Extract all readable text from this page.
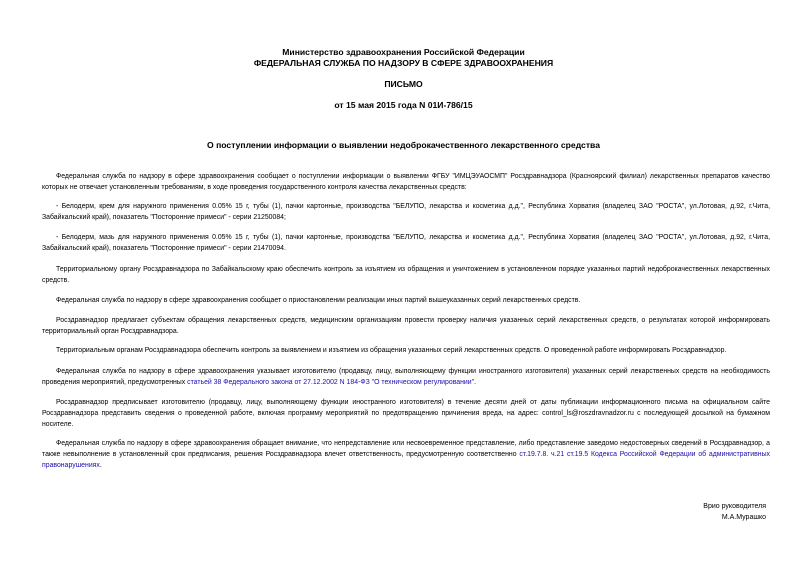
Министерство здравоохранения Российской Федерации
ФЕДЕРАЛЬНАЯ СЛУЖБА ПО НАДЗОРУ В СФЕРЕ ЗДРАВООХРАНЕНИЯ
ПИСЬМО
от 15 мая 2015 года N 01И-786/15
О поступлении информации о выявлении недоброкачественного лекарственного средства
Федеральная служба по надзору в сфере здравоохранения сообщает о поступлении информации о выявлении ФГБУ "ИМЦЭУАОСМП" Росздравнадзора (Красноярский филиал) лекарственных препаратов качество которых не отвечает установленным требованиям, в ходе проведения государственного контроля качества лекарственных средств:
- Белодерм, крем для наружного применения 0.05% 15 г, тубы (1), пачки картонные, производства "БЕЛУПО, лекарства и косметика д.д.", Республика Хорватия (владелец ЗАО "РОСТА", ул.Лотовая, д.92, г.Чита, Забайкальский край), показатель "Посторонние примеси" - серии 21250084;
- Белодерм, мазь для наружного применения 0.05% 15 г, тубы (1), пачки картонные, производства "БЕЛУПО, лекарства и косметика д.д.", Республика Хорватия (владелец ЗАО "РОСТА", ул.Лотовая, д.92, г.Чита, Забайкальский край), показатель "Посторонние примеси" - серии 21470094.
Территориальному органу Росздравнадзора по Забайкальскому краю обеспечить контроль за изъятием из обращения и уничтожением в установленном порядке указанных партий недоброкачественных лекарственных средств.
Федеральная служба по надзору в сфере здравоохранения сообщает о приостановлении реализации иных партий вышеуказанных серий лекарственных средств.
Росздравнадзор предлагает субъектам обращения лекарственных средств, медицинским организациям провести проверку наличия указанных серий лекарственных средств, о результатах которой информировать территориальный орган Росздравнадзора.
Территориальным органам Росздравнадзора обеспечить контроль за выявлением и изъятием из обращения указанных серий лекарственных средств. О проведенной работе информировать Росздравнадзор.
Федеральная служба по надзору в сфере здравоохранения указывает изготовителю (продавцу, лицу, выполняющему функции иностранного изготовителя) указанных серий лекарственных средств на необходимость проведения мероприятий, предусмотренных статьей 38 Федерального закона от 27.12.2002 N 184-ФЗ "О техническом регулировании".
Росздравнадзор предписывает изготовителю (продавцу, лицу, выполняющему функции иностранного изготовителя) в течение десяти дней от даты публикации информационного письма на официальном сайте Росздравнадзора представить сведения о проведенной работе, включая программу мероприятий по предотвращению причинения вреда, на адрес: control_ls@roszdravnadzor.ru с последующей досылкой на бумажном носителе.
Федеральная служба по надзору в сфере здравоохранения обращает внимание, что непредставление или несвоевременное представление, либо представление заведомо недостоверных сведений в Росздравнадзор, а также невыполнение в установленный срок предписания, решения Росздравнадзора влечет ответственность, предусмотренную соответственно ст.19.7.8. ч.21 ст.19.5 Кодекса Российской Федерации об административных правонарушениях.
Врио руководителя
М.А.Мурашко
